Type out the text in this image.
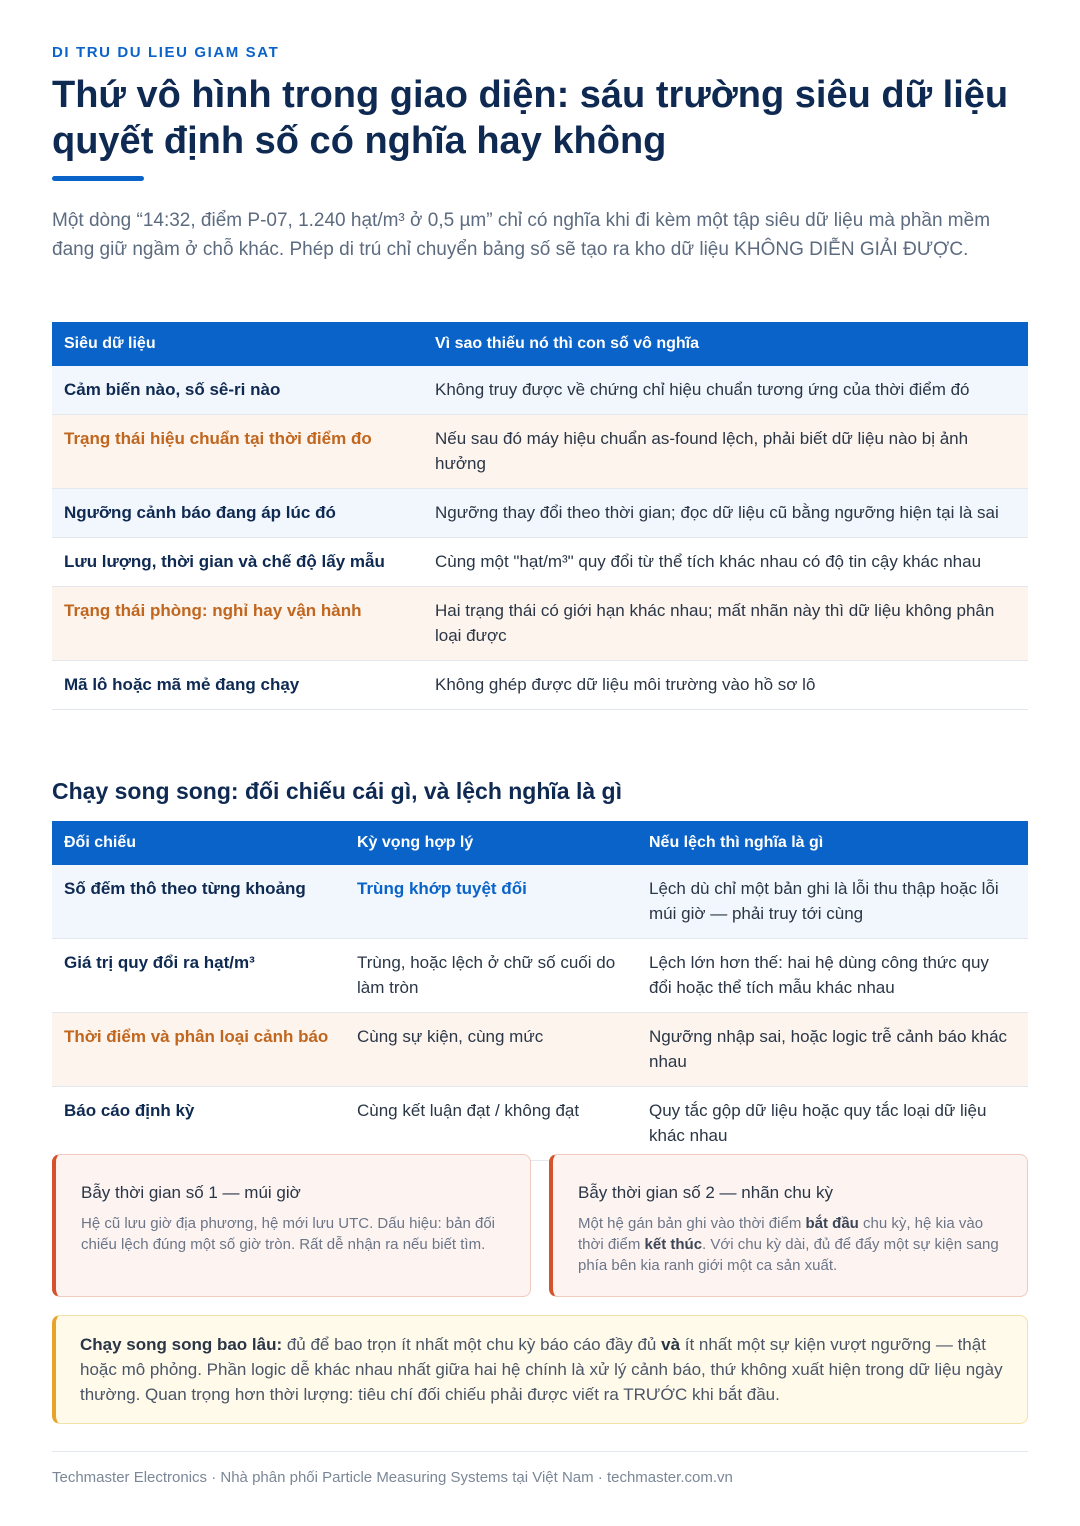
DI TRU DU LIEU GIAM SAT
Thứ vô hình trong giao diện: sáu trường siêu dữ liệu quyết định số có nghĩa hay không

Một dòng “14:32, điểm P-07, 1.240 hạt/m³ ở 0,5 µm” chỉ có nghĩa khi đi kèm một tập siêu dữ liệu mà phần mềm đang giữ ngầm ở chỗ khác. Phép di trú chỉ chuyển bảng số sẽ tạo ra kho dữ liệu KHÔNG DIỄN GIẢI ĐƯỢC.

Siêu dữ liệu	Vì sao thiếu nó thì con số vô nghĩa
Cảm biến nào, số sê-ri nào	Không truy được về chứng chỉ hiệu chuẩn tương ứng của thời điểm đó
Trạng thái hiệu chuẩn tại thời điểm đo	Nếu sau đó máy hiệu chuẩn as-found lệch, phải biết dữ liệu nào bị ảnh hưởng
Ngưỡng cảnh báo đang áp lúc đó	Ngưỡng thay đổi theo thời gian; đọc dữ liệu cũ bằng ngưỡng hiện tại là sai
Lưu lượng, thời gian và chế độ lấy mẫu	Cùng một "hạt/m³" quy đổi từ thể tích khác nhau có độ tin cậy khác nhau
Trạng thái phòng: nghỉ hay vận hành	Hai trạng thái có giới hạn khác nhau; mất nhãn này thì dữ liệu không phân loại được
Mã lô hoặc mã mẻ đang chạy	Không ghép được dữ liệu môi trường vào hồ sơ lô
Chạy song song: đối chiếu cái gì, và lệch nghĩa là gì
Đối chiếu	Kỳ vọng hợp lý	Nếu lệch thì nghĩa là gì
Số đếm thô theo từng khoảng	Trùng khớp tuyệt đối	Lệch dù chỉ một bản ghi là lỗi thu thập hoặc lỗi múi giờ — phải truy tới cùng
Giá trị quy đổi ra hạt/m³	Trùng, hoặc lệch ở chữ số cuối do làm tròn	Lệch lớn hơn thế: hai hệ dùng công thức quy đổi hoặc thể tích mẫu khác nhau
Thời điểm và phân loại cảnh báo	Cùng sự kiện, cùng mức	Ngưỡng nhập sai, hoặc logic trễ cảnh báo khác nhau
Báo cáo định kỳ	Cùng kết luận đạt / không đạt	Quy tắc gộp dữ liệu hoặc quy tắc loại dữ liệu khác nhau
Bẫy thời gian số 1 — múi giờ

Hệ cũ lưu giờ địa phương, hệ mới lưu UTC. Dấu hiệu: bản đối chiếu lệch đúng một số giờ tròn. Rất dễ nhận ra nếu biết tìm.

Bẫy thời gian số 2 — nhãn chu kỳ

Một hệ gán bản ghi vào thời điểm bắt đầu chu kỳ, hệ kia vào thời điểm kết thúc. Với chu kỳ dài, đủ để đẩy một sự kiện sang phía bên kia ranh giới một ca sản xuất.

Chạy song song bao lâu: đủ để bao trọn ít nhất một chu kỳ báo cáo đầy đủ và ít nhất một sự kiện vượt ngưỡng — thật hoặc mô phỏng. Phần logic dễ khác nhau nhất giữa hai hệ chính là xử lý cảnh báo, thứ không xuất hiện trong dữ liệu ngày thường. Quan trọng hơn thời lượng: tiêu chí đối chiếu phải được viết ra TRƯỚC khi bắt đầu.
Techmaster Electronics · Nhà phân phối Particle Measuring Systems tại Việt Nam · techmaster.com.vn
